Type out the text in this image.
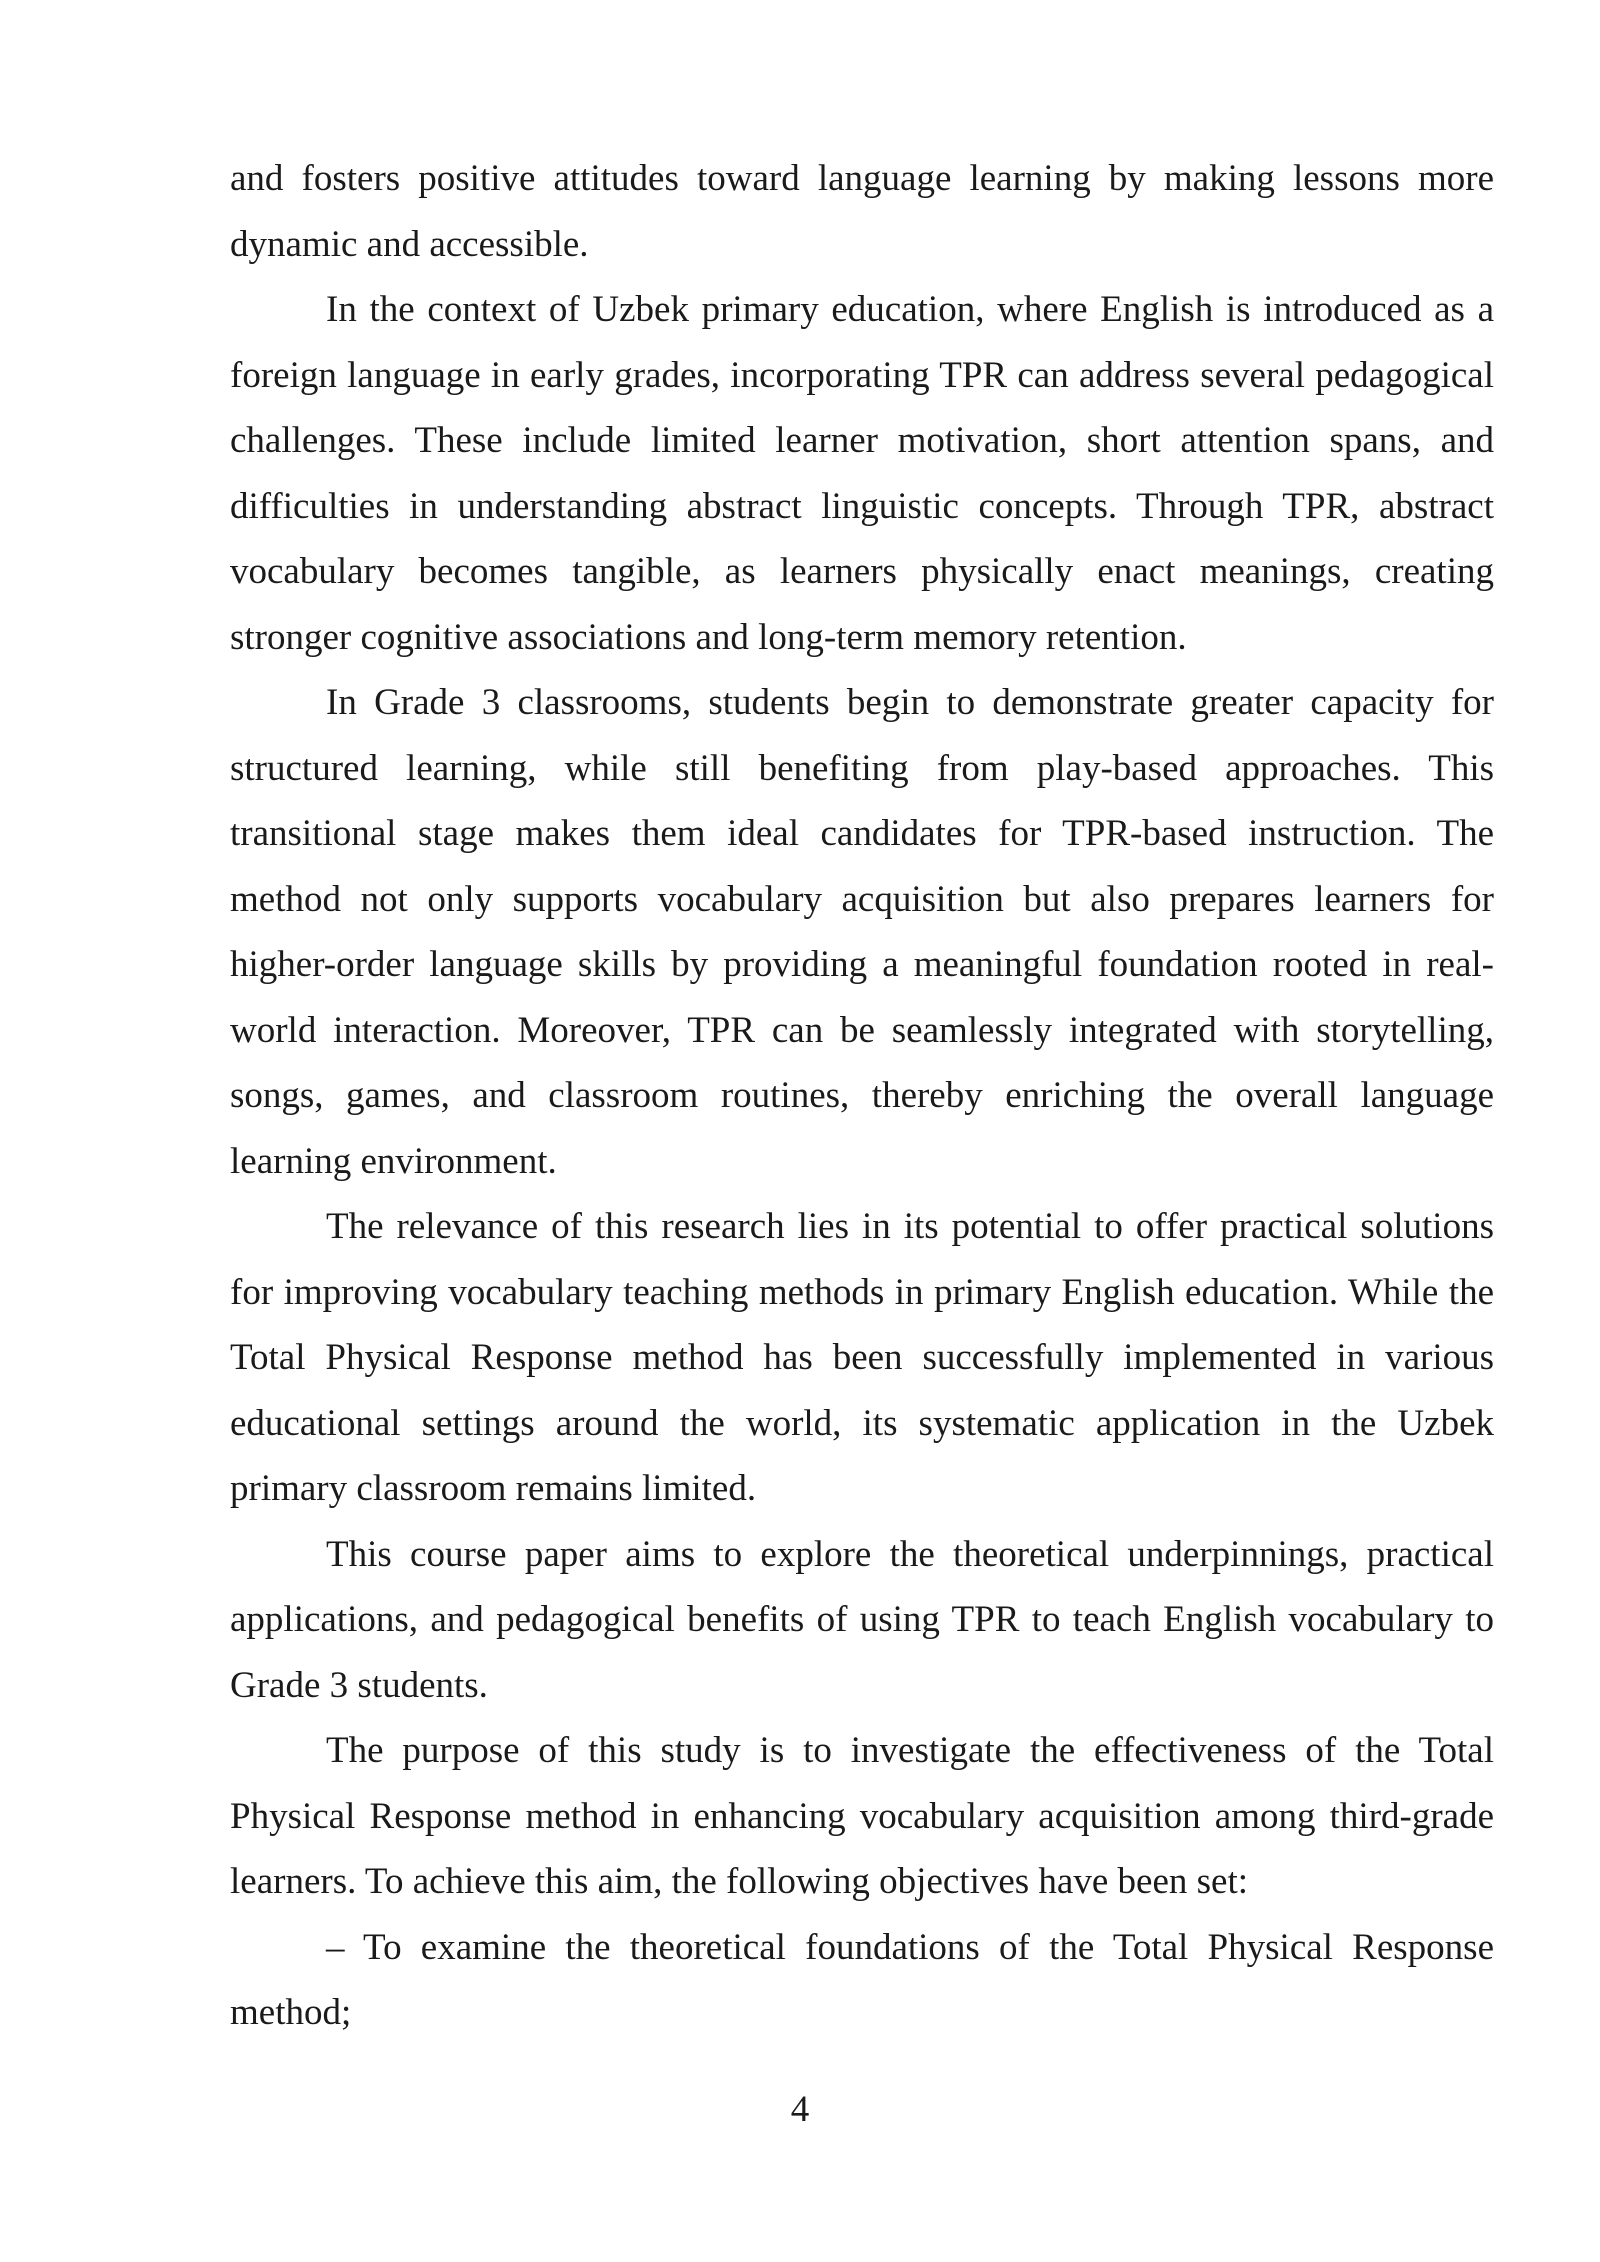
and fosters positive attitudes toward language learning by making lessons more dynamic and accessible.

In the context of Uzbek primary education, where English is introduced as a foreign language in early grades, incorporating TPR can address several pedagogical challenges. These include limited learner motivation, short attention spans, and difficulties in understanding abstract linguistic concepts. Through TPR, abstract vocabulary becomes tangible, as learners physically enact meanings, creating stronger cognitive associations and long-term memory retention.

In Grade 3 classrooms, students begin to demonstrate greater capacity for structured learning, while still benefiting from play-based approaches. This transitional stage makes them ideal candidates for TPR-based instruction. The method not only supports vocabulary acquisition but also prepares learners for higher-order language skills by providing a meaningful foundation rooted in real-world interaction. Moreover, TPR can be seamlessly integrated with storytelling, songs, games, and classroom routines, thereby enriching the overall language learning environment.

The relevance of this research lies in its potential to offer practical solutions for improving vocabulary teaching methods in primary English education. While the Total Physical Response method has been successfully implemented in various educational settings around the world, its systematic application in the Uzbek primary classroom remains limited.

This course paper aims to explore the theoretical underpinnings, practical applications, and pedagogical benefits of using TPR to teach English vocabulary to Grade 3 students.

The purpose of this study is to investigate the effectiveness of the Total Physical Response method in enhancing vocabulary acquisition among third-grade learners. To achieve this aim, the following objectives have been set:

– To examine the theoretical foundations of the Total Physical Response method;

4
